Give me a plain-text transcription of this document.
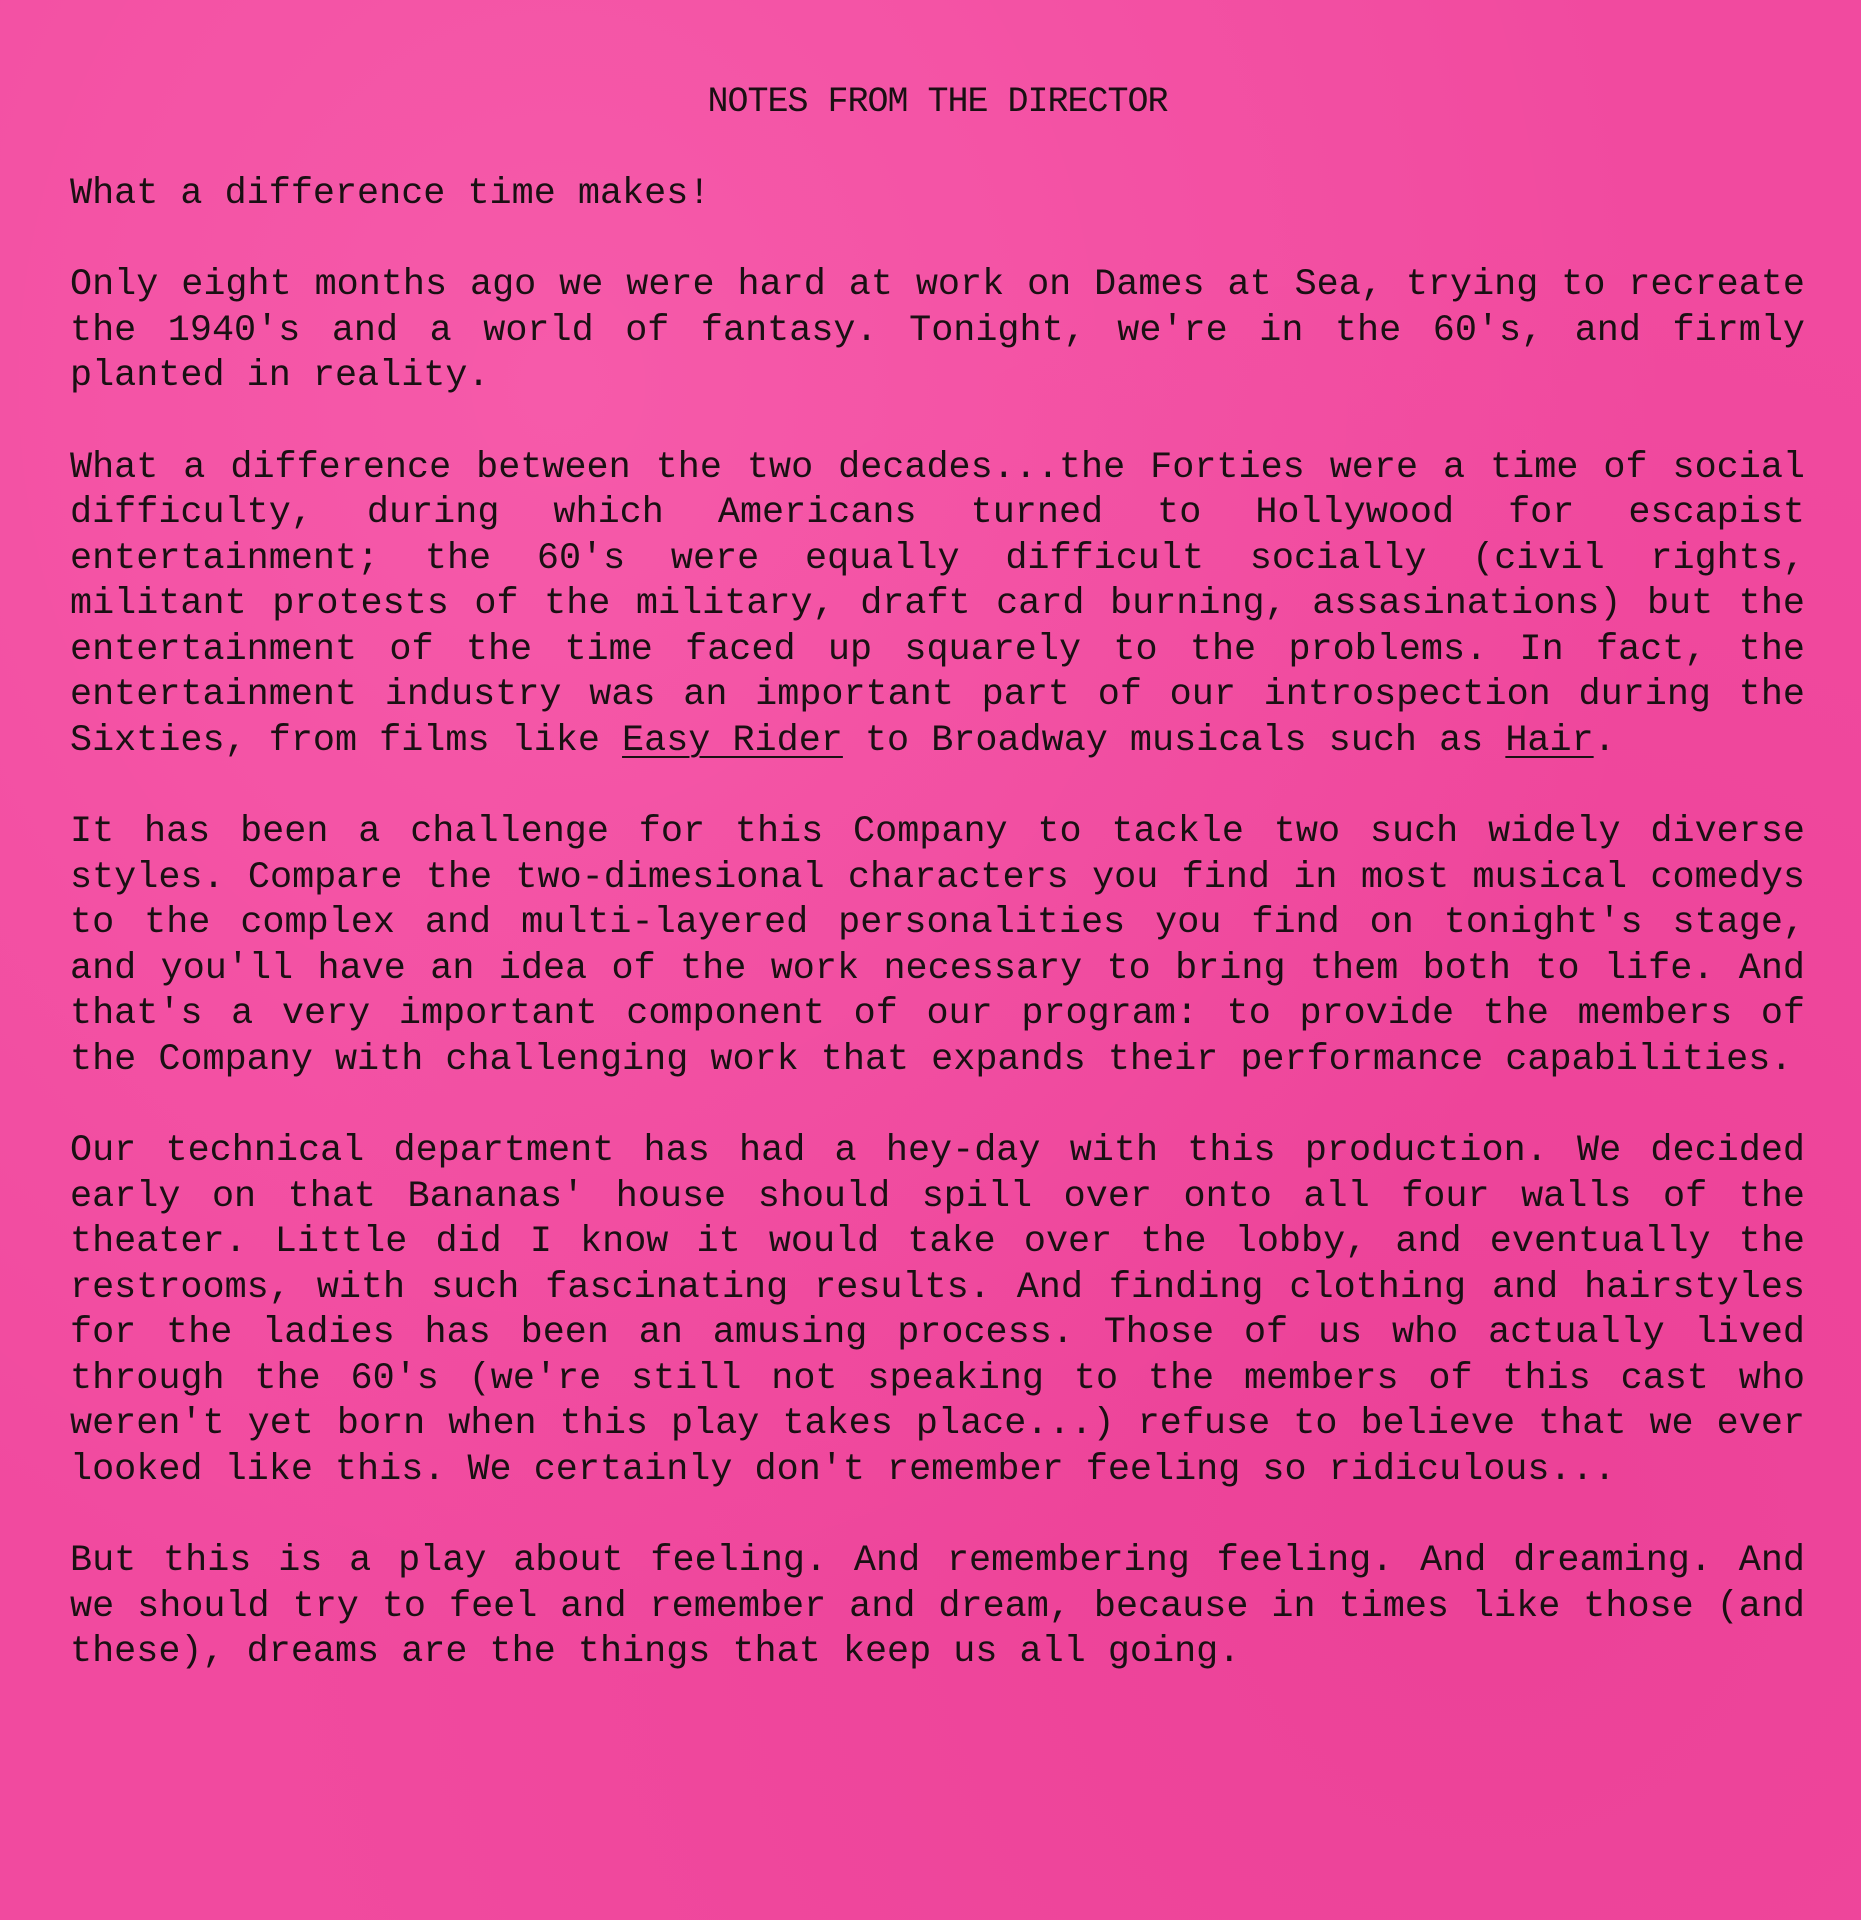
NOTES FROM THE DIRECTOR
What a difference time makes!
Only eight months ago we were hard at work on Dames at Sea, trying to recreate the 1940's and a world of fantasy. Tonight, we're in the 60's, and firmly planted in reality.
What a difference between the two decades...the Forties were a time of social difficulty, during which Americans turned to Hollywood for escapist entertainment; the 60's were equally difficult socially (civil rights, militant protests of the military, draft card burning, assasinations) but the entertainment of the time faced up squarely to the problems. In fact, the entertainment industry was an important part of our introspection during the Sixties, from films like Easy Rider to Broadway musicals such as Hair.
It has been a challenge for this Company to tackle two such widely diverse styles. Compare the two-dimesional characters you find in most musical comedys to the complex and multi-layered personalities you find on tonight's stage, and you'll have an idea of the work necessary to bring them both to life. And that's a very important component of our program: to provide the members of the Company with challenging work that expands their performance capabilities.
Our technical department has had a hey-day with this production. We decided early on that Bananas' house should spill over onto all four walls of the theater. Little did I know it would take over the lobby, and eventually the restrooms, with such fascinating results. And finding clothing and hairstyles for the ladies has been an amusing process. Those of us who actually lived through the 60's (we're still not speaking to the members of this cast who weren't yet born when this play takes place...) refuse to believe that we ever looked like this. We certainly don't remember feeling so ridiculous...
But this is a play about feeling. And remembering feeling. And dreaming. And we should try to feel and remember and dream, because in times like those (and these), dreams are the things that keep us all going.
